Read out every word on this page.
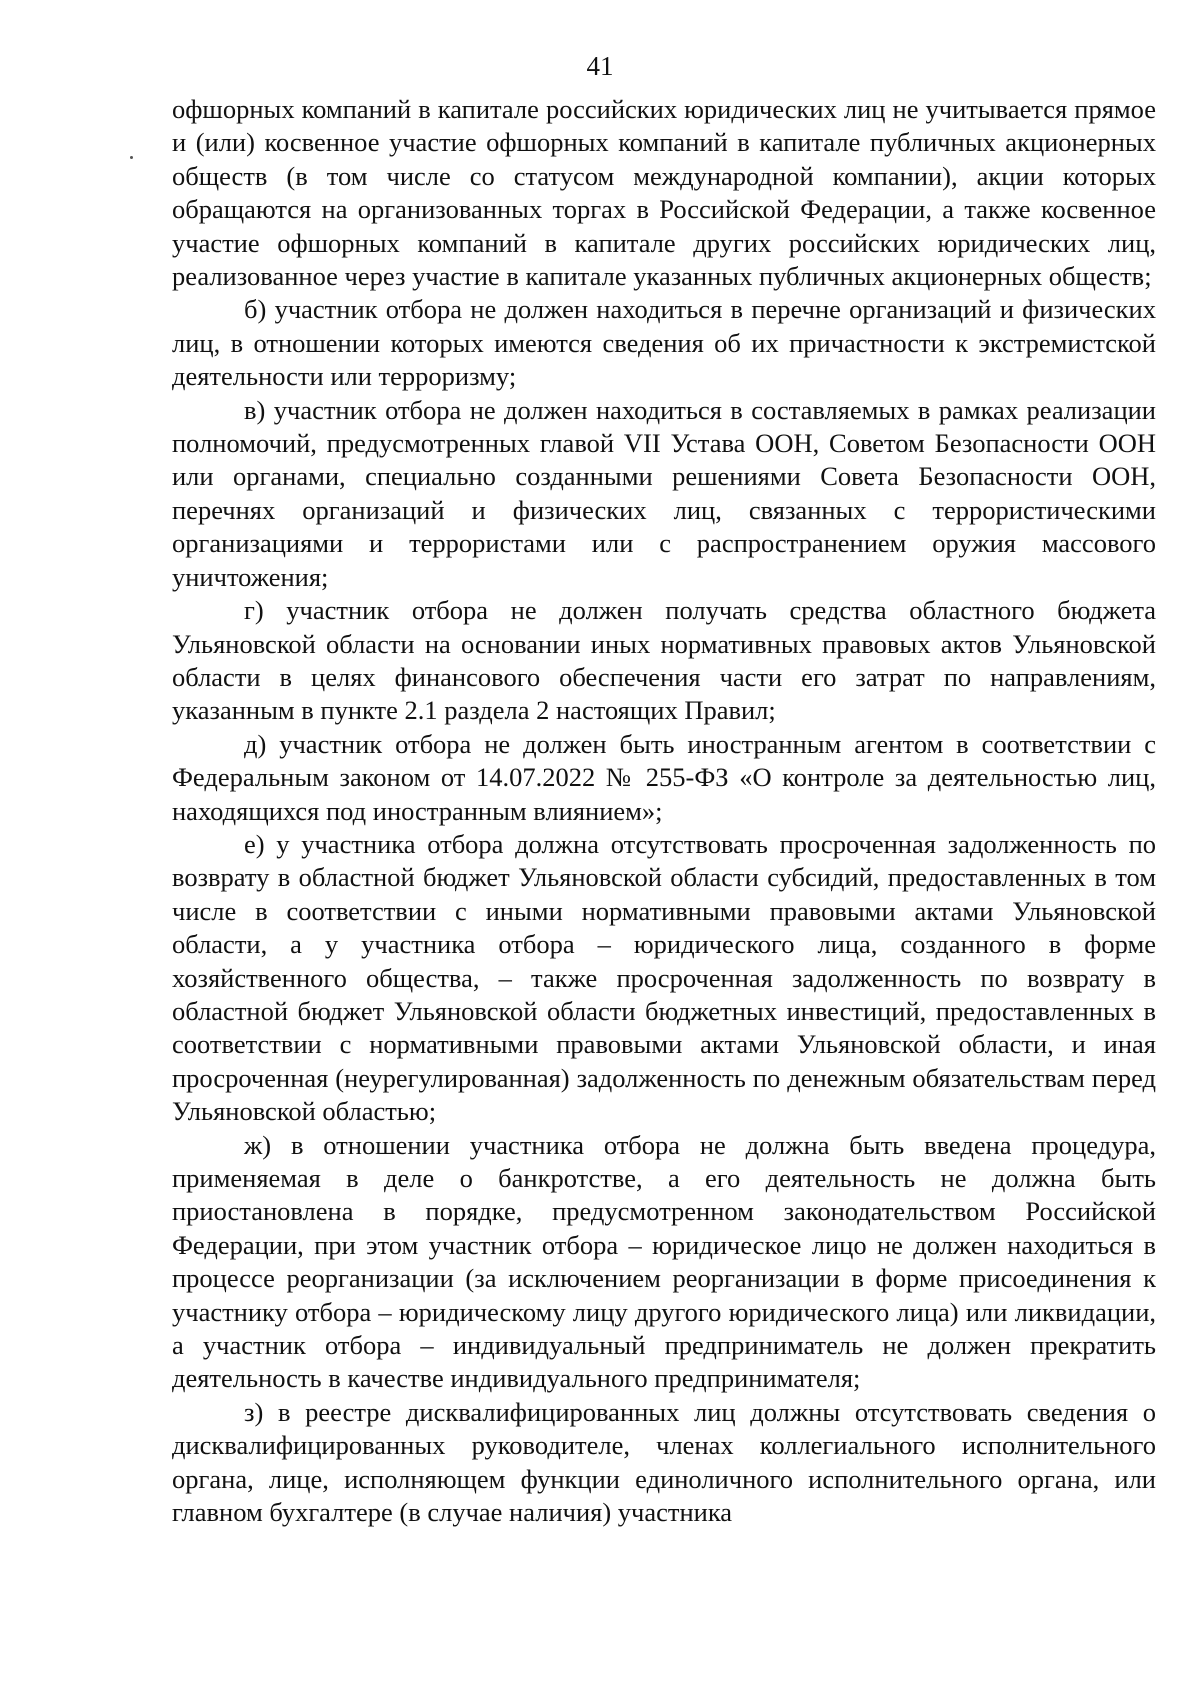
41

офшорных компаний в капитале российских юридических лиц не учитывается прямое и (или) косвенное участие офшорных компаний в капитале публичных акционерных обществ (в том числе со статусом международной компании), акции которых обращаются на организованных торгах в Российской Федерации, а также косвенное участие офшорных компаний в капитале других российских юридических лиц, реализованное через участие в капитале указанных публичных акционерных обществ;

б) участник отбора не должен находиться в перечне организаций и физических лиц, в отношении которых имеются сведения об их причастности к экстремистской деятельности или терроризму;

в) участник отбора не должен находиться в составляемых в рамках реализации полномочий, предусмотренных главой VII Устава ООН, Советом Безопасности ООН или органами, специально созданными решениями Совета Безопасности ООН, перечнях организаций и физических лиц, связанных с террористическими организациями и террористами или с распространением оружия массового уничтожения;

г) участник отбора не должен получать средства областного бюджета Ульяновской области на основании иных нормативных правовых актов Ульяновской области в целях финансового обеспечения части его затрат по направлениям, указанным в пункте 2.1 раздела 2 настоящих Правил;

д) участник отбора не должен быть иностранным агентом в соответствии с Федеральным законом от 14.07.2022 № 255-ФЗ «О контроле за деятельностью лиц, находящихся под иностранным влиянием»;

е) у участника отбора должна отсутствовать просроченная задолженность по возврату в областной бюджет Ульяновской области субсидий, предоставленных в том числе в соответствии с иными нормативными правовыми актами Ульяновской области, а у участника отбора – юридического лица, созданного в форме хозяйственного общества, – также просроченная задолженность по возврату в областной бюджет Ульяновской области бюджетных инвестиций, предоставленных в соответствии с нормативными правовыми актами Ульяновской области, и иная просроченная (неурегулированная) задолженность по денежным обязательствам перед Ульяновской областью;

ж) в отношении участника отбора не должна быть введена процедура, применяемая в деле о банкротстве, а его деятельность не должна быть приостановлена в порядке, предусмотренном законодательством Российской Федерации, при этом участник отбора – юридическое лицо не должен находиться в процессе реорганизации (за исключением реорганизации в форме присоединения к участнику отбора – юридическому лицу другого юридического лица) или ликвидации, а участник отбора – индивидуальный предприниматель не должен прекратить деятельность в качестве индивидуального предпринимателя;

з) в реестре дисквалифицированных лиц должны отсутствовать сведения о дисквалифицированных руководителе, членах коллегиального исполнительного органа, лице, исполняющем функции единоличного исполнительного органа, или главном бухгалтере (в случае наличия) участника
